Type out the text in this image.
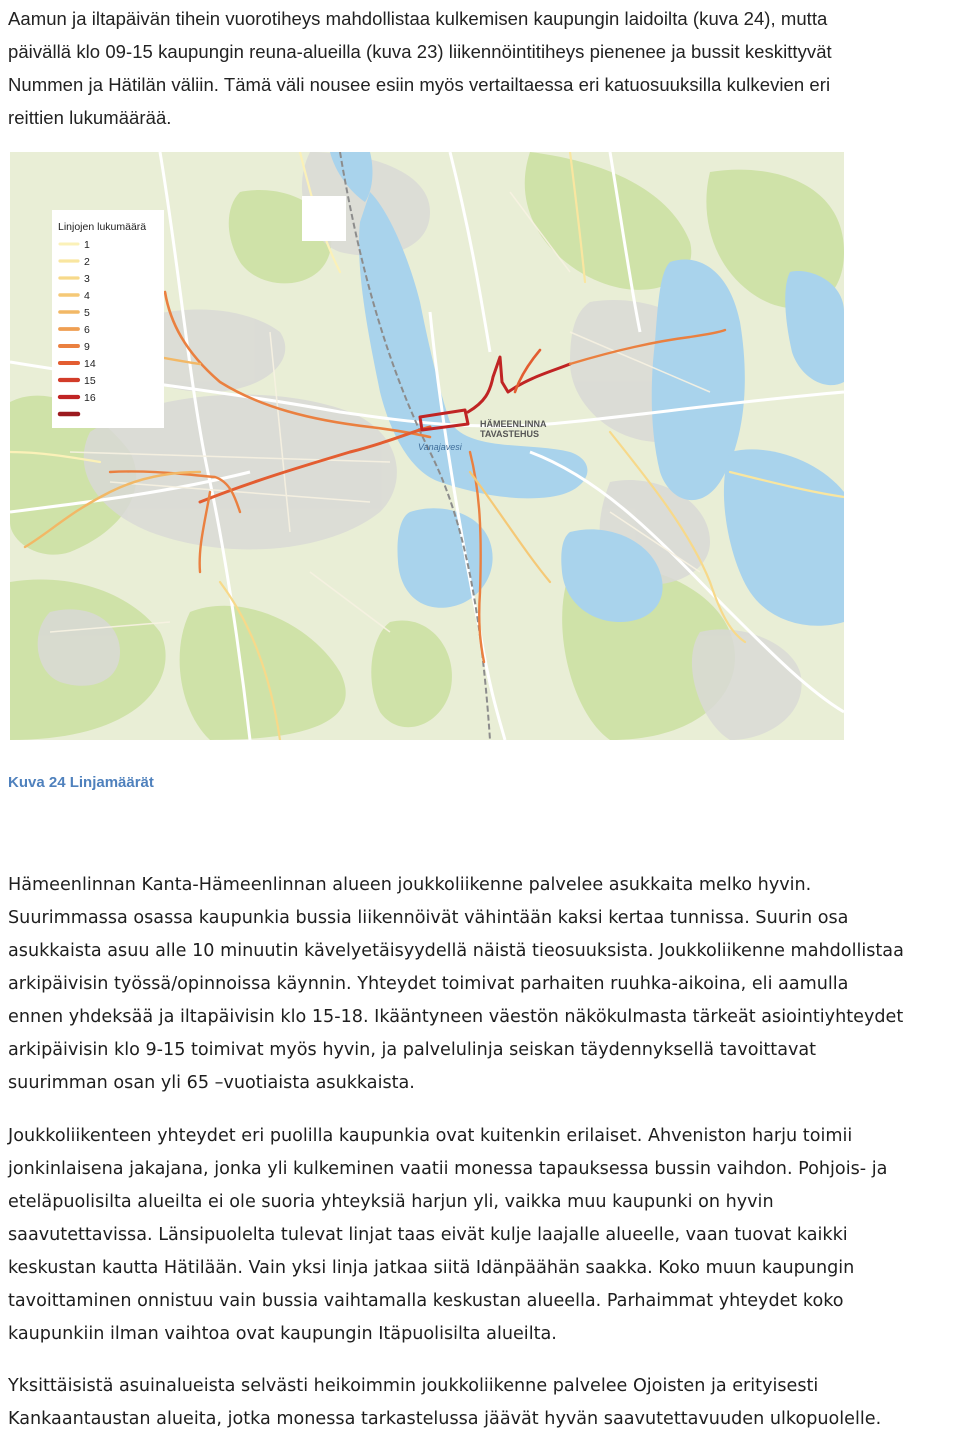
Aamun ja iltapäivän tihein vuorotiheys mahdollistaa kulkemisen kaupungin laidoilta (kuva 24), mutta
päivällä klo 09-15 kaupungin reuna-alueilla (kuva 23) liikennöintitiheys pienenee ja bussit keskittyvät
Nummen ja Hätilän väliin. Tämä väli nousee esiin myös vertailtaessa eri katuosuuksilla kulkevien eri
reittien lukumäärää.

HÄMEENLINNA
TAVASTEHUS
Vanajavesi
Linjojen lukumäärä
1
2
3
4
5
6
9
14
15
16
Kuva 24 Linjamäärät

Hämeenlinnan Kanta-Hämeenlinnan alueen joukkoliikenne palvelee asukkaita melko hyvin.
Suurimmassa osassa kaupunkia bussia liikennöivät vähintään kaksi kertaa tunnissa. Suurin osa
asukkaista asuu alle 10 minuutin kävelyetäisyydellä näistä tieosuuksista. Joukkoliikenne mahdollistaa
arkipäivisin työssä/opinnoissa käynnin. Yhteydet toimivat parhaiten ruuhka-aikoina, eli aamulla
ennen yhdeksää ja iltapäivisin klo 15-18. Ikääntyneen väestön näkökulmasta tärkeät asiointiyhteydet
arkipäivisin klo 9-15 toimivat myös hyvin, ja palvelulinja seiskan täydennyksellä tavoittavat
suurimman osan yli 65 –vuotiaista asukkaista.

Joukkoliikenteen yhteydet eri puolilla kaupunkia ovat kuitenkin erilaiset. Ahveniston harju toimii
jonkinlaisena jakajana, jonka yli kulkeminen vaatii monessa tapauksessa bussin vaihdon. Pohjois- ja
eteläpuolisilta alueilta ei ole suoria yhteyksiä harjun yli, vaikka muu kaupunki on hyvin
saavutettavissa. Länsipuolelta tulevat linjat taas eivät kulje laajalle alueelle, vaan tuovat kaikki
keskustan kautta Hätilään. Vain yksi linja jatkaa siitä Idänpäähän saakka. Koko muun kaupungin
tavoittaminen onnistuu vain bussia vaihtamalla keskustan alueella. Parhaimmat yhteydet koko
kaupunkiin ilman vaihtoa ovat kaupungin Itäpuolisilta alueilta.

Yksittäisistä asuinalueista selvästi heikoimmin joukkoliikenne palvelee Ojoisten ja erityisesti
Kankaantaustan alueita, jotka monessa tarkastelussa jäävät hyvän saavutettavuuden ulkopuolelle.
